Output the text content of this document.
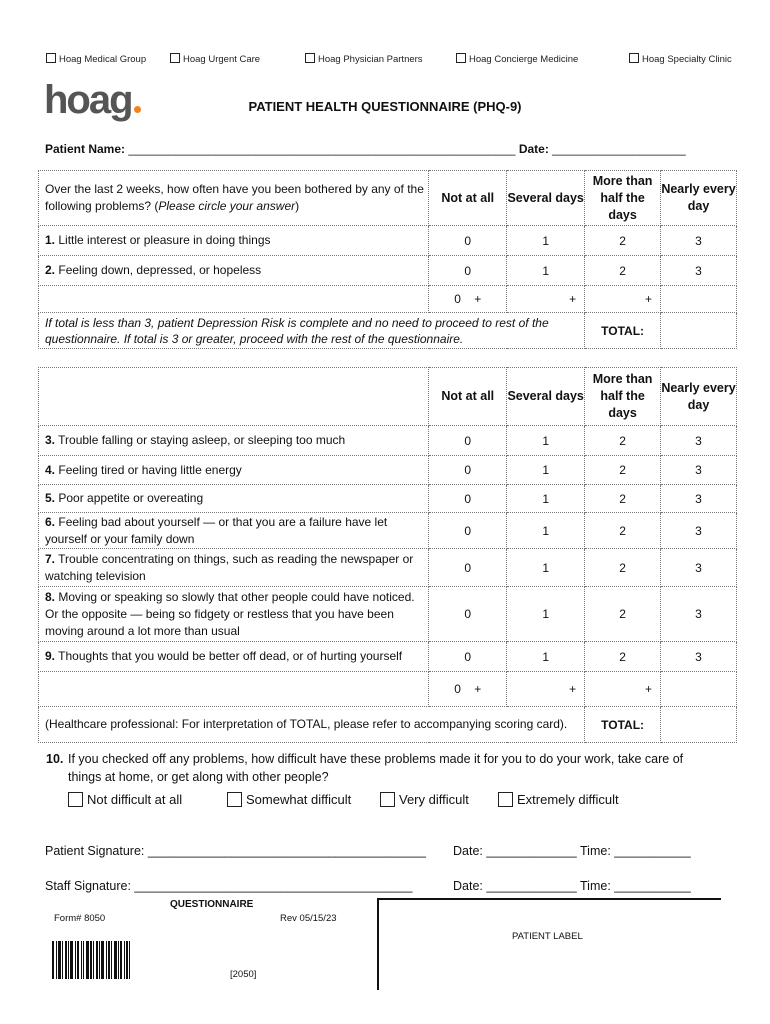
Hoag Medical Group	Hoag Urgent Care	Hoag Physician Partners	Hoag Concierge Medicine	Hoag Specialty Clinic
hoag	PATIENT HEALTH QUESTIONNAIRE (PHQ-9)
Patient Name: __________________________________________________________ Date: ____________________
Over the last 2 weeks, how often have you been bothered by any of the following problems? (Please circle your answer)	Not at all	Several days	More than half the days	Nearly every day
1. Little interest or pleasure in doing things	0	1	2	3
2. Feeling down, depressed, or hopeless	0	1	2	3
	0 +	+	+	
If total is less than 3, patient Depression Risk is complete and no need to proceed to rest of the questionnaire. If total is 3 or greater, proceed with the rest of the questionnaire.			TOTAL:	
	Not at all	Several days	More than half the days	Nearly every day
3. Trouble falling or staying asleep, or sleeping too much	0	1	2	3
4. Feeling tired or having little energy	0	1	2	3
5. Poor appetite or overeating	0	1	2	3
6. Feeling bad about yourself — or that you are a failure have let yourself or your family down	0	1	2	3
7. Trouble concentrating on things, such as reading the newspaper or watching television	0	1	2	3
8. Moving or speaking so slowly that other people could have noticed. Or the opposite — being so fidgety or restless that you have been moving around a lot more than usual	0	1	2	3
9. Thoughts that you would be better off dead, or of hurting yourself	0	1	2	3
	0 +	+	+	
(Healthcare professional: For interpretation of TOTAL, please refer to accompanying scoring card).			TOTAL:	
10. If you checked off any problems, how difficult have these problems made it for you to do your work, take care of things at home, or get along with other people?
Not difficult at all	Somewhat difficult	Very difficult	Extremely difficult
Patient Signature: ________________________________________ Date: _____________ Time: ___________
Staff Signature: ________________________________________	Date: _____________ Time: ___________
QUESTIONNAIRE
Form# 8050	Rev 05/15/23
PATIENT LABEL
[2050]
